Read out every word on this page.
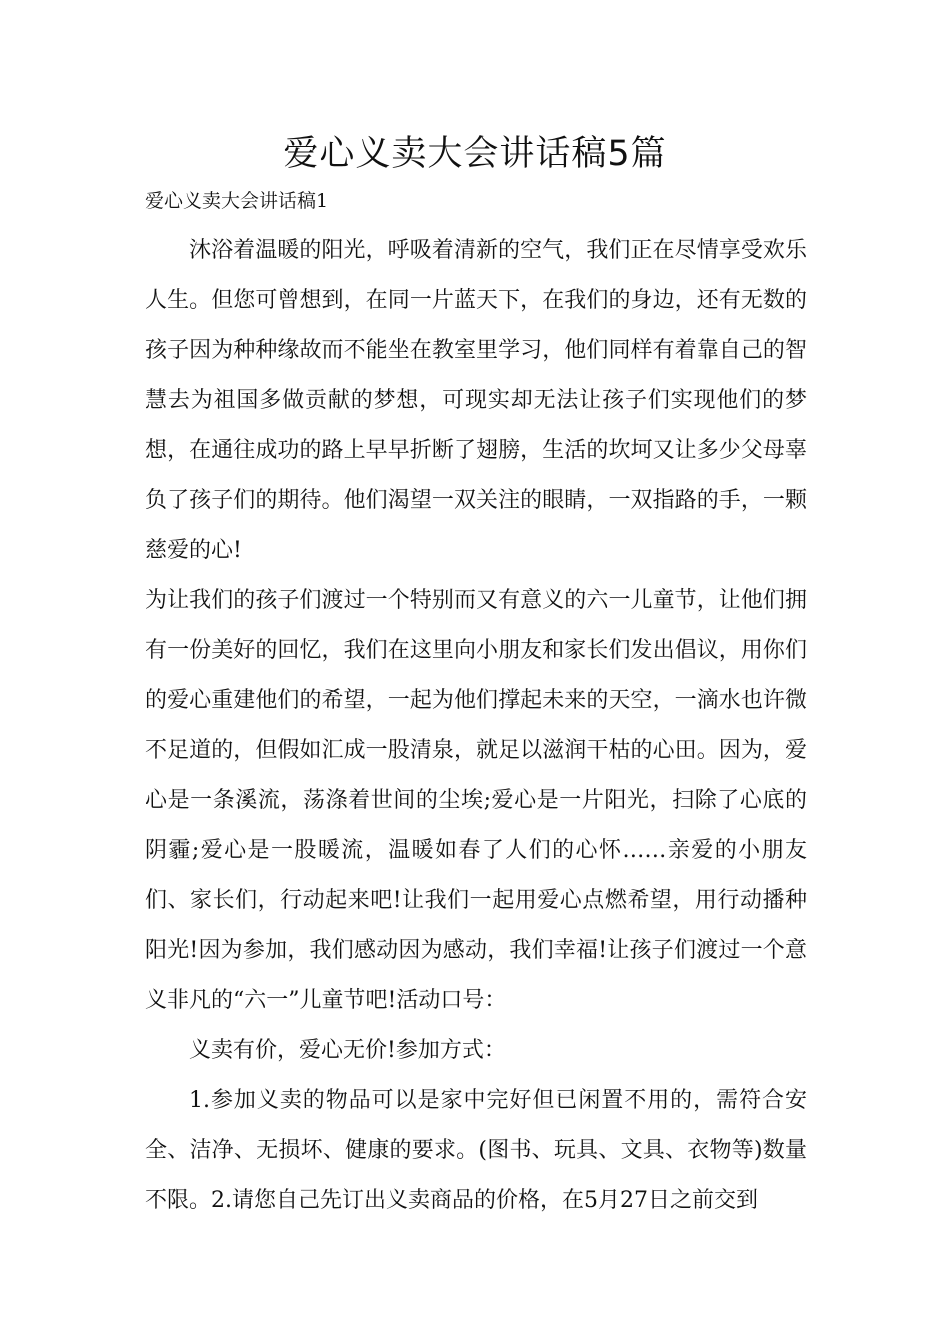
爱心义卖大会讲话稿5篇

爱心义卖大会讲话稿1

沐浴着温暖的阳光，呼吸着清新的空气，我们正在尽情享受欢乐人生。但您可曾想到，在同一片蓝天下，在我们的身边，还有无数的孩子因为种种缘故而不能坐在教室里学习，他们同样有着靠自己的智慧去为祖国多做贡献的梦想，可现实却无法让孩子们实现他们的梦想，在通往成功的路上早早折断了翅膀，生活的坎坷又让多少父母辜负了孩子们的期待。他们渴望一双关注的眼睛，一双指路的手，一颗慈爱的心!

为让我们的孩子们渡过一个特别而又有意义的六一儿童节，让他们拥有一份美好的回忆，我们在这里向小朋友和家长们发出倡议，用你们的爱心重建他们的希望，一起为他们撑起未来的天空，一滴水也许微不足道的，但假如汇成一股清泉，就足以滋润干枯的心田。因为，爱心是一条溪流，荡涤着世间的尘埃;爱心是一片阳光，扫除了心底的阴霾;爱心是一股暖流，温暖如春了人们的心怀……亲爱的小朋友们、家长们，行动起来吧!让我们一起用爱心点燃希望，用行动播种阳光!因为参加，我们感动因为感动，我们幸福!让孩子们渡过一个意义非凡的“六一”儿童节吧!活动口号：

义卖有价，爱心无价!参加方式：

1.参加义卖的物品可以是家中完好但已闲置不用的，需符合安全、洁净、无损坏、健康的要求。(图书、玩具、文具、衣物等)数量不限。2.请您自己先订出义卖商品的价格，在5月27日之前交到
